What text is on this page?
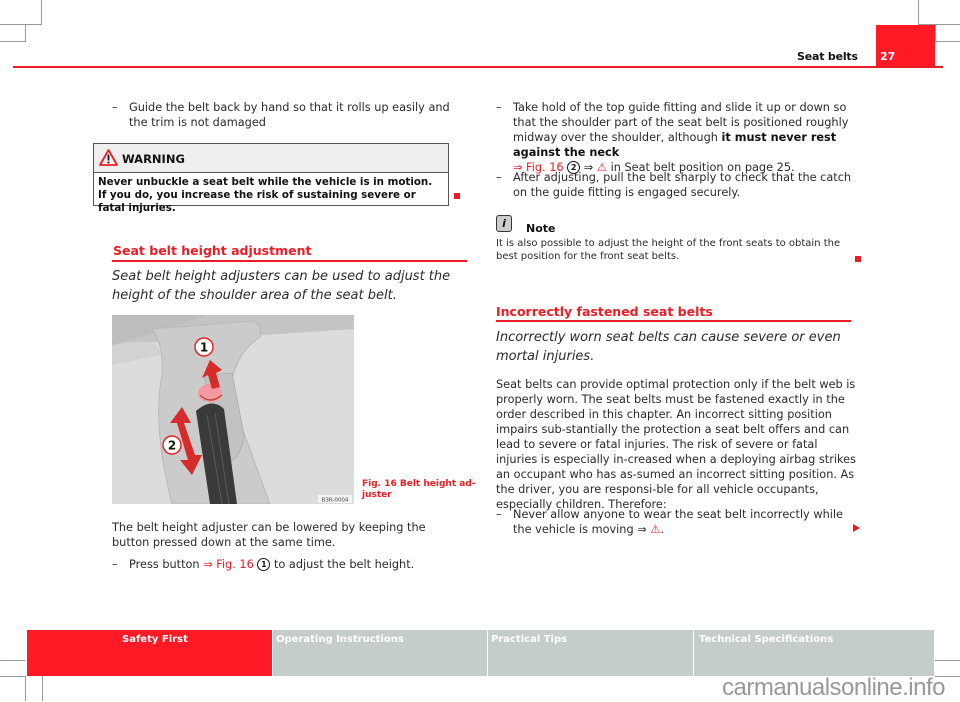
Seat belts 27
– Guide the belt back by hand so that it rolls up easily and the trim is not damaged
WARNING
Never unbuckle a seat belt while the vehicle is in motion. If you do, you increase the risk of sustaining severe or fatal injuries.
Seat belt height adjustment
Seat belt height adjusters can be used to adjust the height of the shoulder area of the seat belt.
1
2
B3R-0004
Fig. 16 Belt height ad-
juster
The belt height adjuster can be lowered by keeping the button pressed down at the same time.
– Press button ⇒ Fig. 16 1 to adjust the belt height.
– Take hold of the top guide fitting and slide it up or down so that the shoulder part of the seat belt is positioned roughly midway over the shoulder, although it must never rest against the neck
⇒ Fig. 16 2 ⇒ ⚠ in Seat belt position on page 25.
– After adjusting, pull the belt sharply to check that the catch on the guide fitting is engaged securely.
i	Note
It is also possible to adjust the height of the front seats to obtain the best position for the front seat belts.
Incorrectly fastened seat belts
Incorrectly worn seat belts can cause severe or even mortal injuries.
Seat belts can provide optimal protection only if the belt web is properly worn. The seat belts must be fastened exactly in the order described in this chapter. An incorrect sitting position impairs sub-stantially the protection a seat belt offers and can lead to severe or fatal injuries. The risk of severe or fatal injuries is especially in-creased when a deploying airbag strikes an occupant who has as-sumed an incorrect sitting position. As the driver, you are responsi-ble for all vehicle occupants, especially children. Therefore:
– Never allow anyone to wear the seat belt incorrectly while the vehicle is moving ⇒ ⚠.
Safety First	Operating Instructions	Practical Tips	Technical Specifications
carmanualsonline.info
